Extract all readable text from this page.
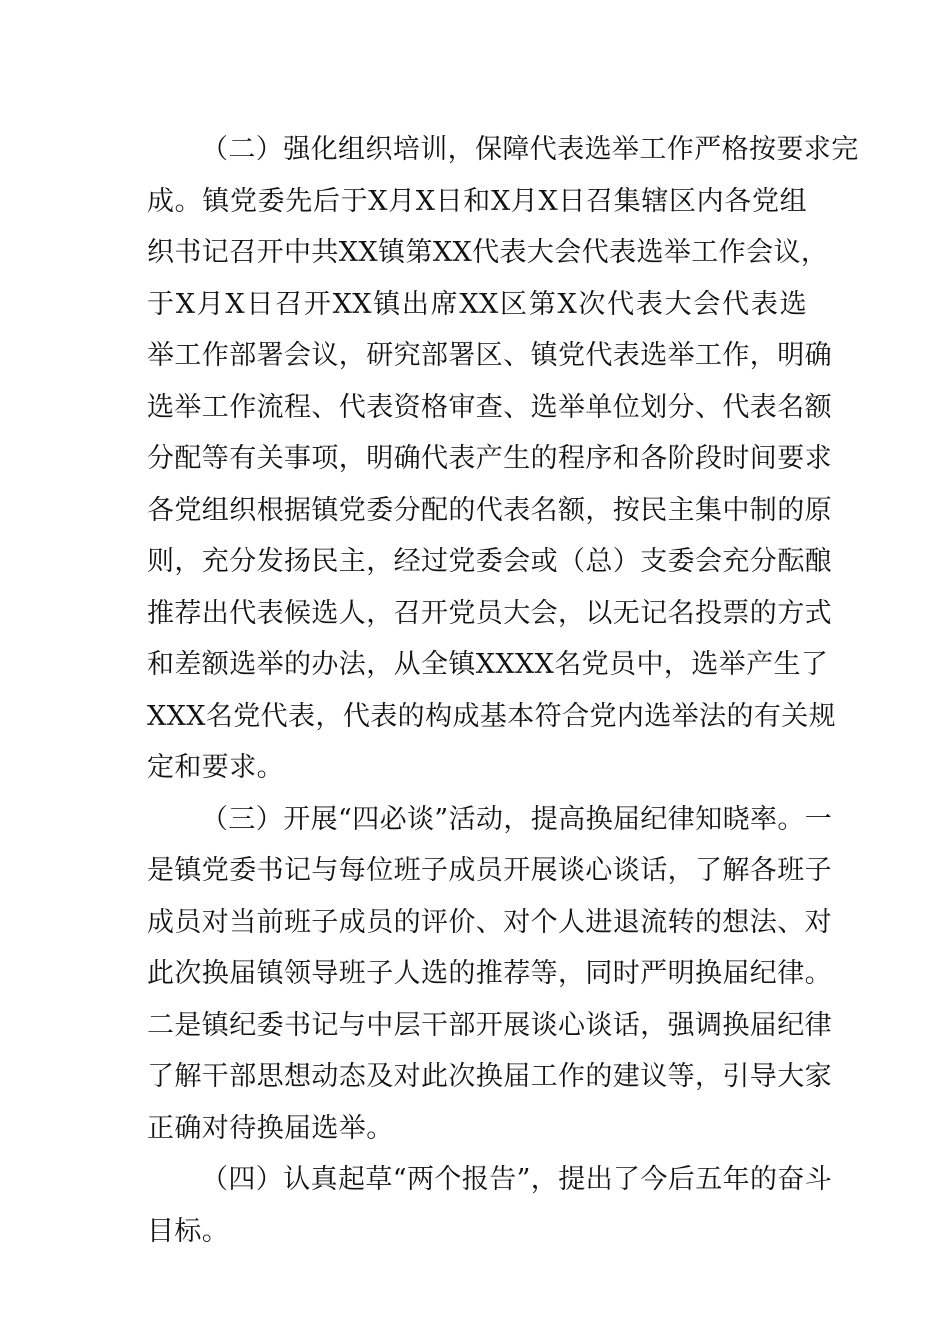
（二）强化组织培训，保障代表选举工作严格按要求完
成。镇党委先后于X月X日和X月X日召集辖区内各党组
织书记召开中共XX镇第XX代表大会代表选举工作会议，
于X月X日召开XX镇出席XX区第X次代表大会代表选
举工作部署会议，研究部署区、镇党代表选举工作，明确
选举工作流程、代表资格审查、选举单位划分、代表名额
分配等有关事项，明确代表产生的程序和各阶段时间要求
各党组织根据镇党委分配的代表名额，按民主集中制的原
则，充分发扬民主，经过党委会或（总）支委会充分酝酿
推荐出代表候选人，召开党员大会，以无记名投票的方式
和差额选举的办法，从全镇XXXX名党员中，选举产生了
XXX名党代表，代表的构成基本符合党内选举法的有关规
定和要求。
（三）开展“四必谈”活动，提高换届纪律知晓率。一
是镇党委书记与每位班子成员开展谈心谈话，了解各班子
成员对当前班子成员的评价、对个人进退流转的想法、对
此次换届镇领导班子人选的推荐等，同时严明换届纪律。
二是镇纪委书记与中层干部开展谈心谈话，强调换届纪律
了解干部思想动态及对此次换届工作的建议等，引导大家
正确对待换届选举。
（四）认真起草“两个报告”，提出了今后五年的奋斗
目标。
